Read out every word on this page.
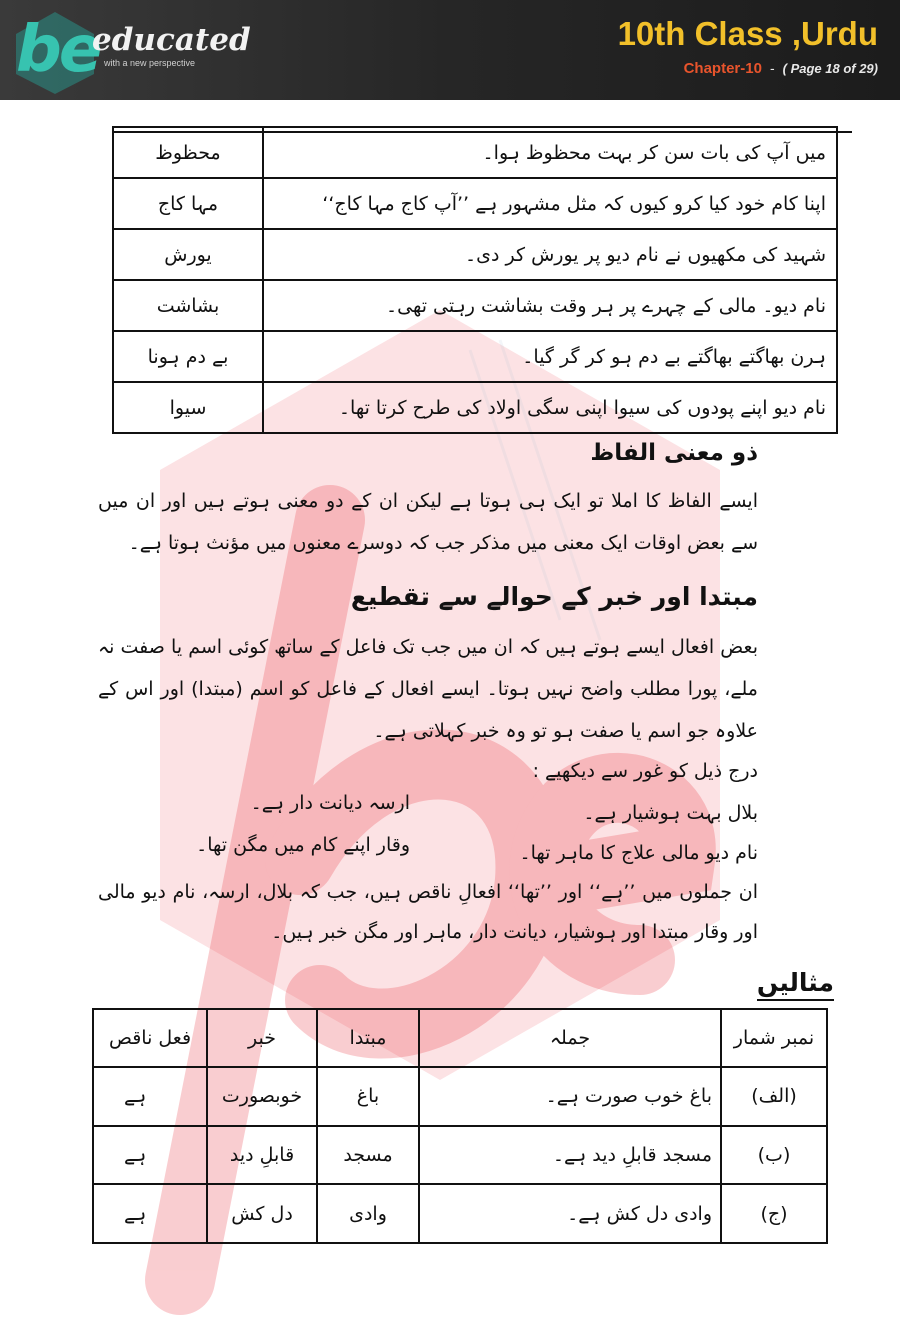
be
educated
with a new perspective
10th Class ,Urdu
Chapter-10 - ( Page 18 of 29)
محظوظ	میں آپ کی بات سن کر بہت محظوظ ہوا۔
مہا کاج	اپنا کام خود کیا کرو کیوں کہ مثل مشہور ہے ’’آپ کاج مہا کاج‘‘
یورش	شہید کی مکھیوں نے نام دیو پر یورش کر دی۔
بشاشت	نام دیو۔ مالی کے چہرے پر ہر وقت بشاشت رہتی تھی۔
بے دم ہونا	ہرن بھاگتے بھاگتے بے دم ہو کر گر گیا۔
سیوا	نام دیو اپنے پودوں کی سیوا اپنی سگی اولاد کی طرح کرتا تھا۔
ذو معنی الفاظ
ایسے الفاظ کا املا تو ایک ہی ہوتا ہے لیکن ان کے دو معنی ہوتے ہیں اور ان میں سے بعض اوقات ایک معنی میں مذکر جب کہ دوسرے معنوں میں مؤنث ہوتا ہے۔
مبتدا اور خبر کے حوالے سے تقطیع
بعض افعال ایسے ہوتے ہیں کہ ان میں جب تک فاعل کے ساتھ کوئی اسم یا صفت نہ ملے، پورا مطلب واضح نہیں ہوتا۔ ایسے افعال کے فاعل کو اسم (مبتدا) اور اس کے علاوہ جو اسم یا صفت ہو تو وہ خبر کہلاتی ہے۔
درج ذیل کو غور سے دیکھیے :
بلال بہت ہوشیار ہے۔
ارسہ دیانت دار ہے۔
نام دیو مالی علاج کا ماہر تھا۔
وقار اپنے کام میں مگن تھا۔
ان جملوں میں ’’ہے‘‘ اور ’’تھا‘‘ افعالِ ناقص ہیں، جب کہ بلال، ارسہ، نام دیو مالی اور وقار مبتدا اور ہوشیار، دیانت دار، ماہر اور مگن خبر ہیں۔
مثالیں
فعل ناقص	خبر	مبتدا	جملہ	نمبر شمار
ہے	خوبصورت	باغ	باغ خوب صورت ہے۔	(الف)
ہے	قابلِ دید	مسجد	مسجد قابلِ دید ہے۔	(ب)
ہے	دل کش	وادی	وادی دل کش ہے۔	(ج)
